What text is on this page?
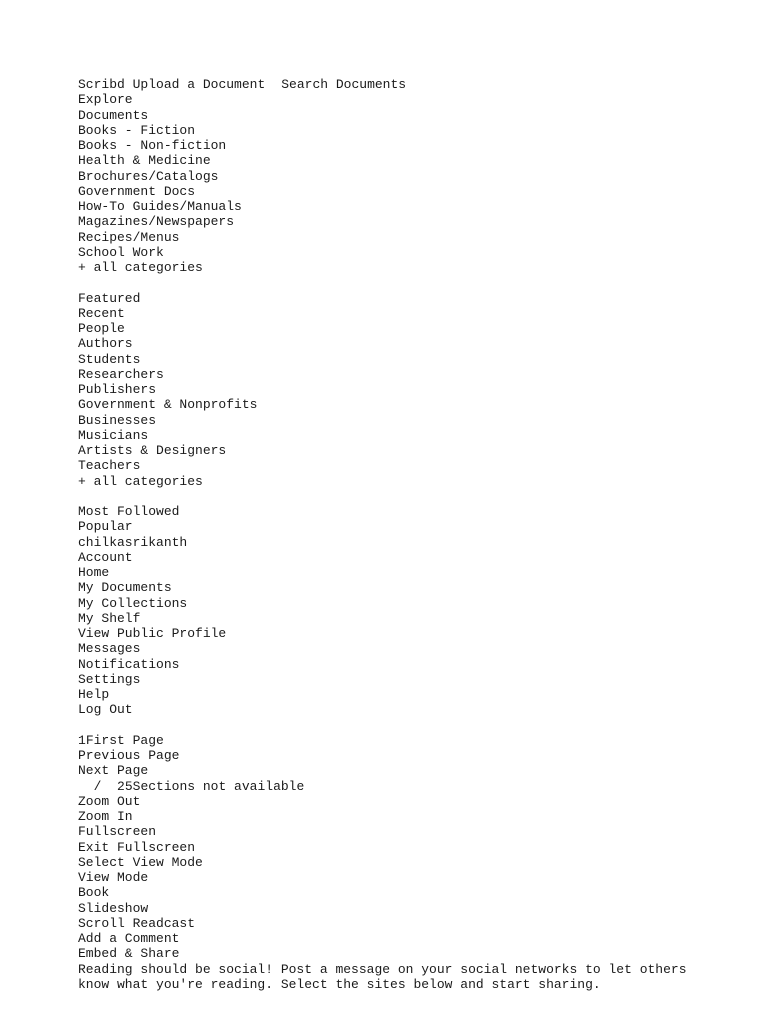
Scribd Upload a Document Search Documents
Explore
Documents
Books - Fiction
Books - Non-fiction
Health & Medicine
Brochures/Catalogs
Government Docs
How-To Guides/Manuals
Magazines/Newspapers
Recipes/Menus
School Work
+ all categories
Featured
Recent
People
Authors
Students
Researchers
Publishers
Government & Nonprofits
Businesses
Musicians
Artists & Designers
Teachers
+ all categories
Most Followed
Popular
chilkasrikanth
Account
Home
My Documents
My Collections
My Shelf
View Public Profile
Messages
Notifications
Settings
Help
Log Out
1First Page
Previous Page
Next Page
/ 25Sections not available
Zoom Out
Zoom In
Fullscreen
Exit Fullscreen
Select View Mode
View Mode
Book
Slideshow
Scroll Readcast
Add a Comment
Embed & Share
Reading should be social! Post a message on your social networks to let others know what you're reading. Select the sites below and start sharing.
